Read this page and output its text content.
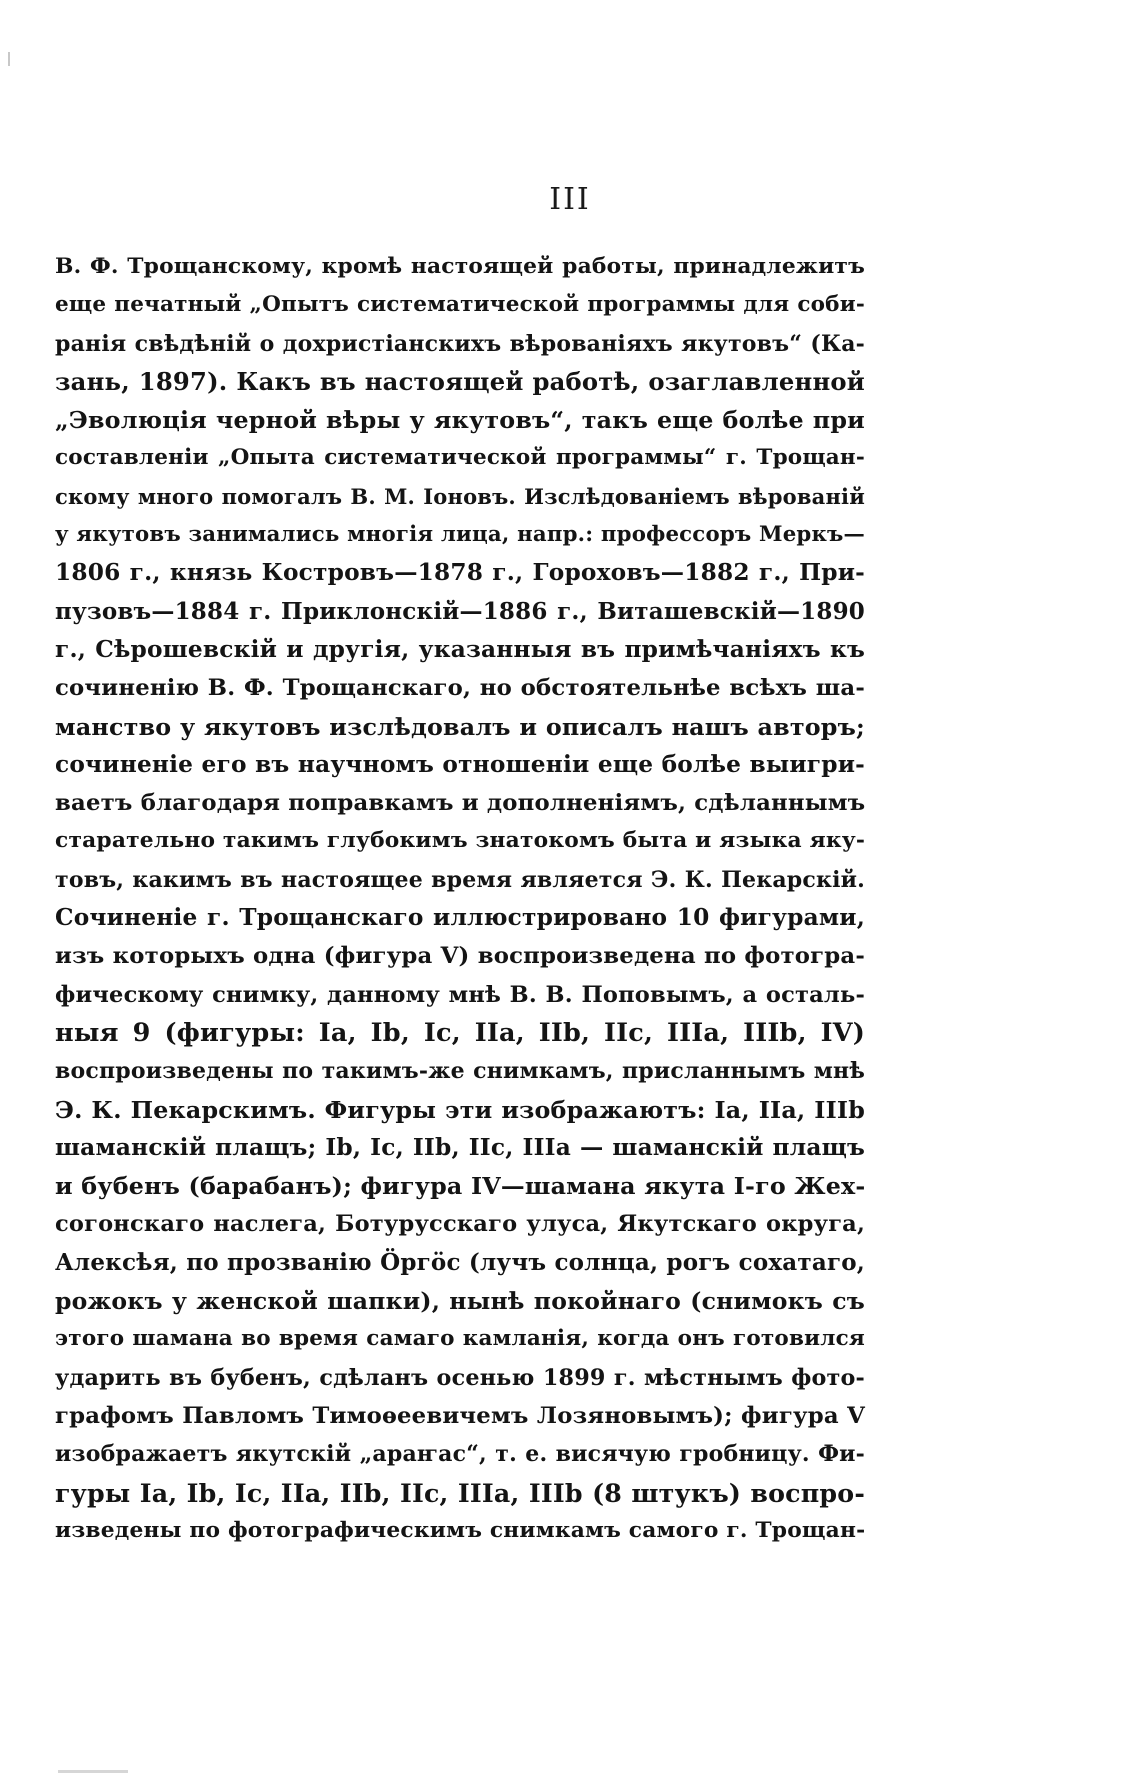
III
В. Ф. Трощанскому, кромѣ настоящей работы, принадлежитъ
еще печатный „Опытъ систематической программы для соби-
ранія свѣдѣній о дохристіанскихъ вѣрованіяхъ якутовъ“ (Ка-
зань, 1897). Какъ въ настоящей работѣ, озаглавленной
„Эволюція черной вѣры у якутовъ“, такъ еще болѣе при
составленіи „Опыта систематической программы“ г. Трощан-
скому много помогалъ В. М. Іоновъ. Изслѣдованіемъ вѣрованій
у якутовъ занимались многія лица, напр.: профессоръ Меркъ—
1806 г., князь Костровъ—1878 г., Гороховъ—1882 г., При-
пузовъ—1884 г. Приклонскій—1886 г., Виташевскій—1890
г., Сѣрошевскій и другія, указанныя въ примѣчаніяхъ къ
сочиненію В. Ф. Трощанскаго, но обстоятельнѣе всѣхъ ша-
манство у якутовъ изслѣдовалъ и описалъ нашъ авторъ;
сочиненіе его въ научномъ отношеніи еще болѣе выигри-
ваетъ благодаря поправкамъ и дополненіямъ, сдѣланнымъ
старательно такимъ глубокимъ знатокомъ быта и языка яку-
товъ, какимъ въ настоящее время является Э. К. Пекарскій.
Сочиненіе г. Трощанскаго иллюстрировано 10 фигурами,
изъ которыхъ одна (фигура V) воспроизведена по фотогра-
фическому снимку, данному мнѣ В. В. Поповымъ, а осталь-
ныя 9 (фигуры: Ia, Ib, Ic, IIa, IIb, IIc, IIIa, IIIb, IV)
воспроизведены по такимъ-же снимкамъ, присланнымъ мнѣ
Э. К. Пекарскимъ. Фигуры эти изображаютъ: Ia, IIa, IIIb
шаманскій плащъ; Ib, Ic, IIb, IIc, IIIa — шаманскій плащъ
и бубенъ (барабанъ); фигура IV—шамана якута I-го Жех-
согонскаго наслега, Ботурусскаго улуса, Якутскаго округа,
Алексѣя, по прозванію Ӧргӧс (лучъ солнца, рогъ сохатаго,
рожокъ у женской шапки), нынѣ покойнаго (снимокъ съ
этого шамана во время самаго камланія, когда онъ готовился
ударить въ бубенъ, сдѣланъ осенью 1899 г. мѣстнымъ фото-
графомъ Павломъ Тимоѳеевичемъ Лозяновымъ); фигура V
изображаетъ якутскій „араҥас“, т. е. висячую гробницу. Фи-
гуры Ia, Ib, Ic, IIa, IIb, IIc, IIIa, IIIb (8 штукъ) воспро-
изведены по фотографическимъ снимкамъ самого г. Трощан-
